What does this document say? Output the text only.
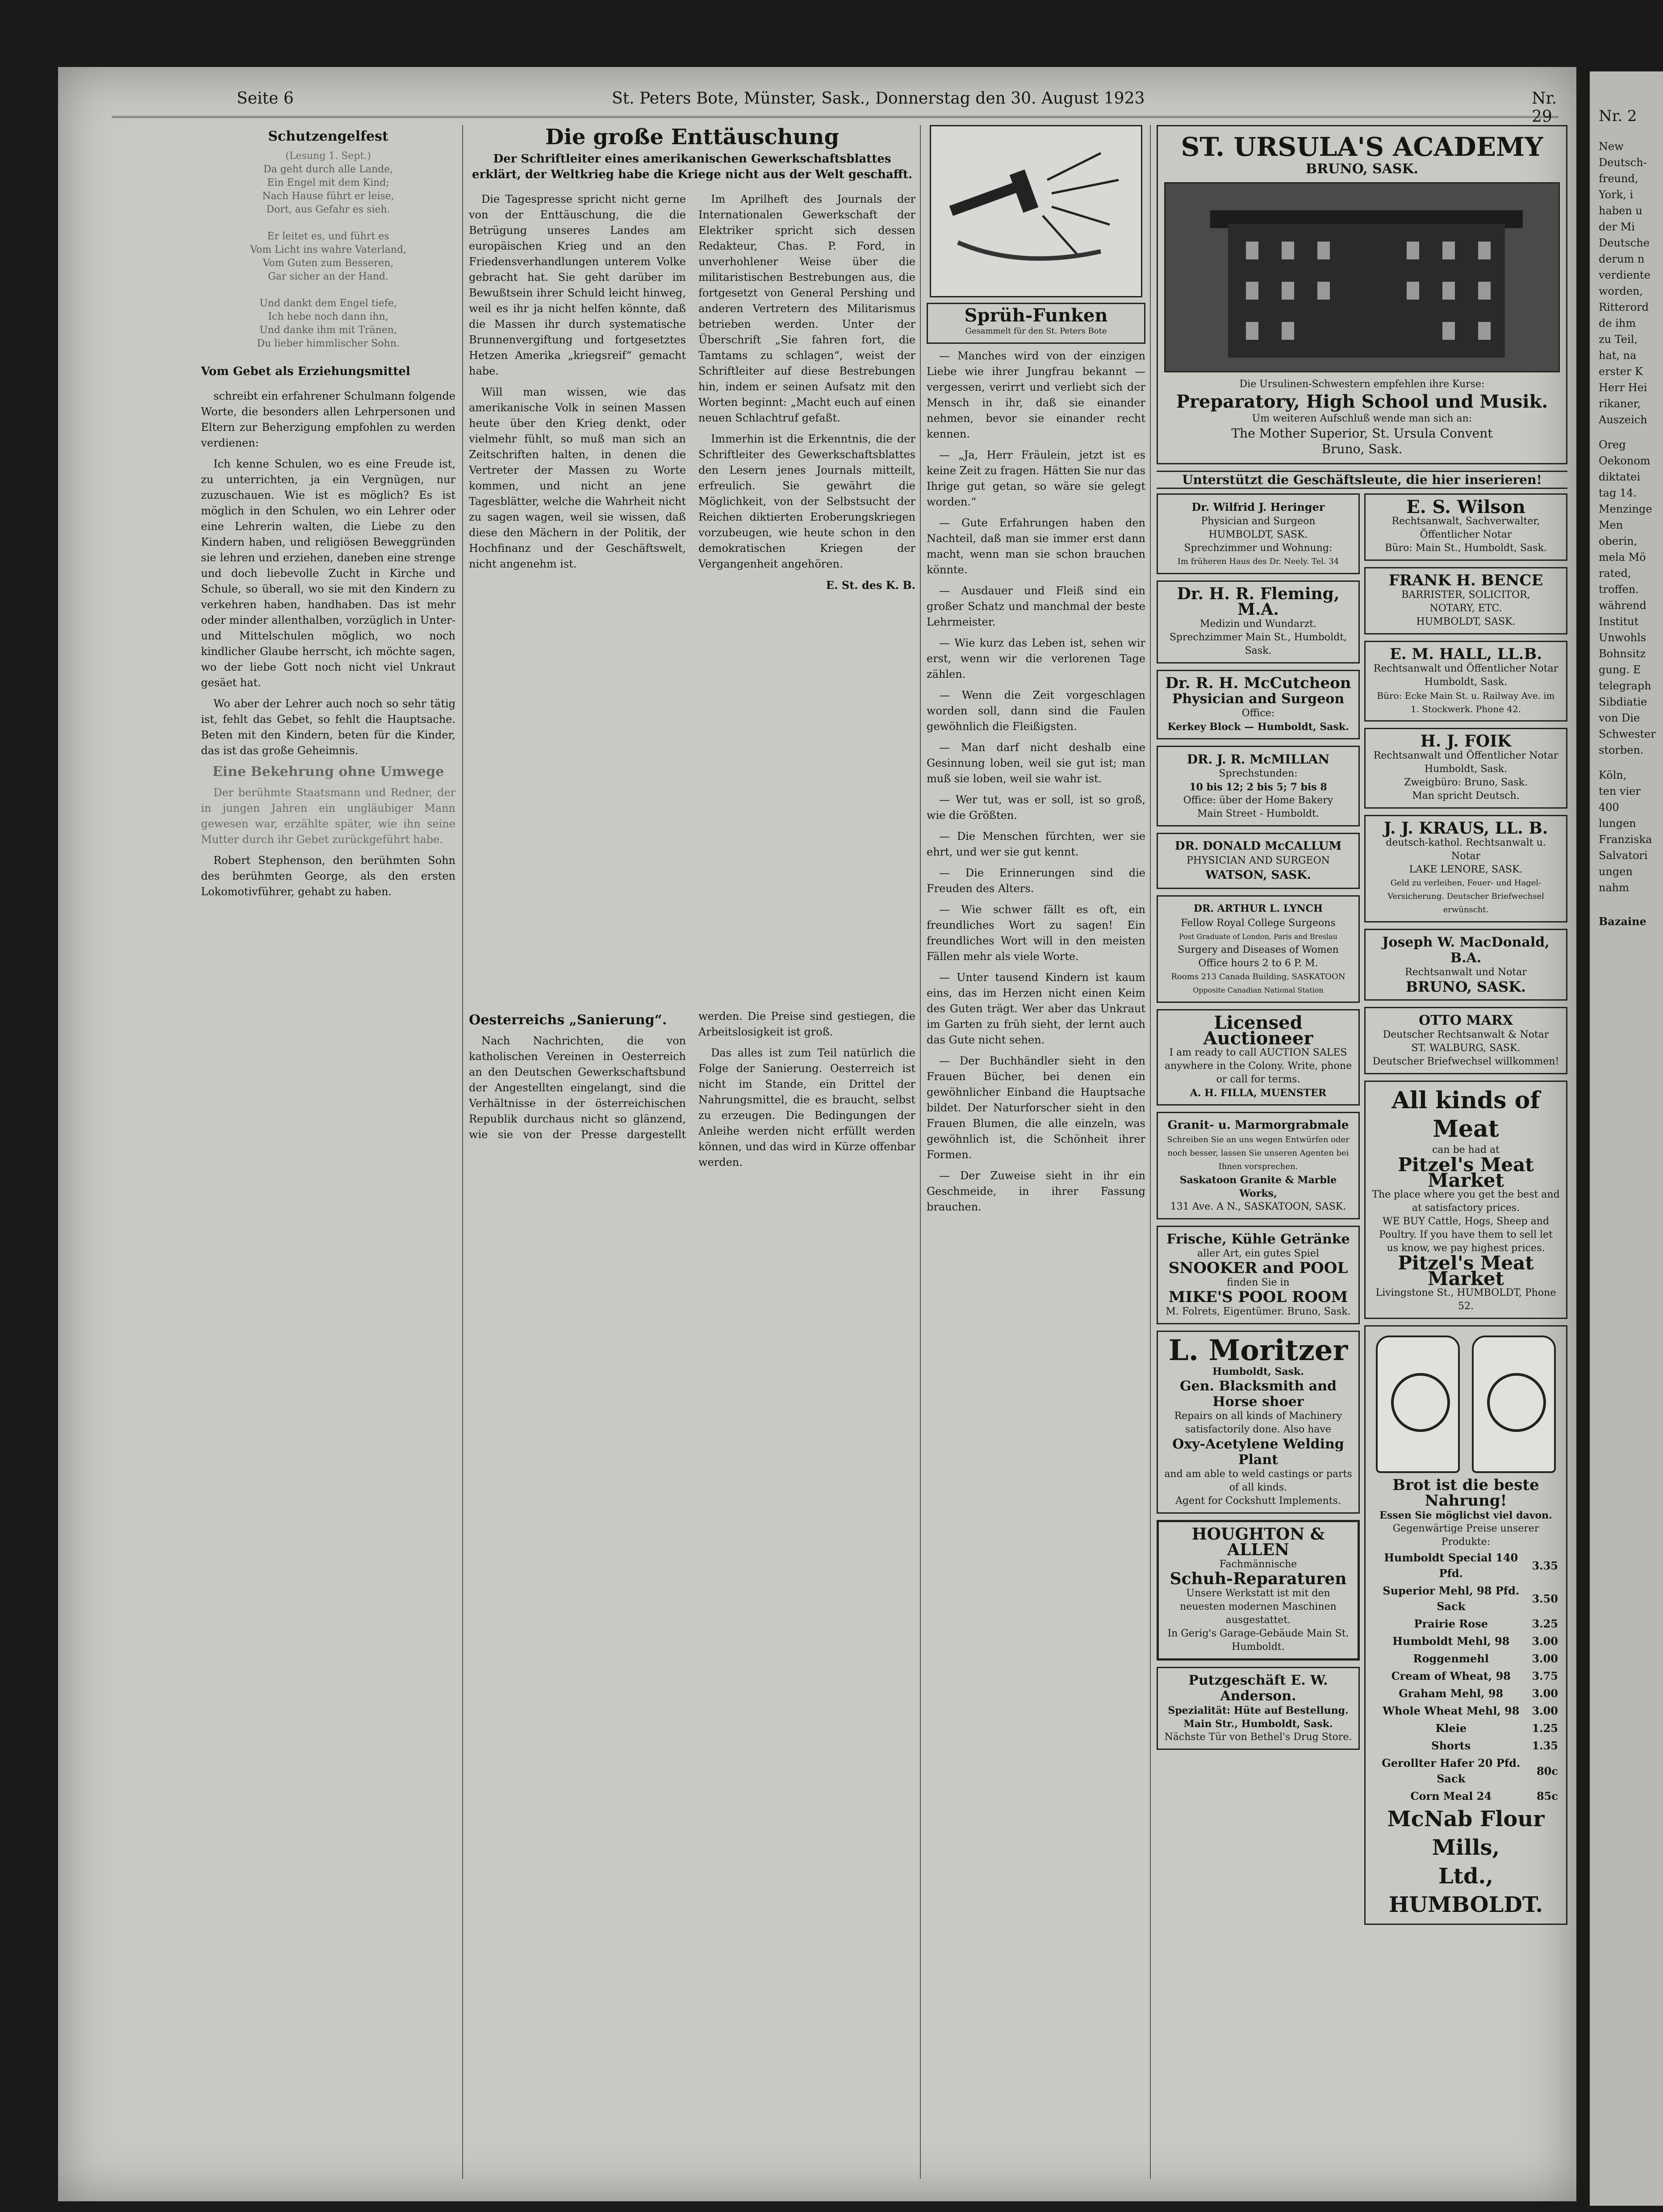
Seite 6	St. Peters Bote, Münster, Sask., Donnerstag den 30. August 1923	Nr. 29
Schutzengelfest
(Lesung 1. Sept.)
Da geht durch alle Lande,
Ein Engel mit dem Kind;
Nach Hause führt er leise,
Dort, aus Gefahr es sieh.

Er leitet es, und führt es
Vom Licht ins wahre Vaterland,
Vom Guten zum Besseren,
Gar sicher an der Hand.

Und dankt dem Engel tiefe,
Ich hebe noch dann ihn,
Und danke ihm mit Tränen,
Du lieber himmlischer Sohn.
Vom Gebet als Erziehungsmittel

schreibt ein erfahrener Schulmann folgende Worte, die besonders allen Lehrpersonen und Eltern zur Beherzigung empfohlen zu werden verdienen:

Ich kenne Schulen, wo es eine Freude ist, zu unterrichten, ja ein Vergnügen, nur zuzuschauen. Wie ist es möglich? Es ist möglich in den Schulen, wo ein Lehrer oder eine Lehrerin walten, die Liebe zu den Kindern haben, und religiösen Beweggründen sie lehren und erziehen, daneben eine strenge und doch liebevolle Zucht in Kirche und Schule, so überall, wo sie mit den Kindern zu verkehren haben, handhaben. Das ist mehr oder minder allenthalben, vorzüglich in Unter- und Mittelschulen möglich, wo noch kindlicher Glaube herrscht, ich möchte sagen, wo der liebe Gott noch nicht viel Unkraut gesäet hat.

Wo aber der Lehrer auch noch so sehr tätig ist, fehlt das Gebet, so fehlt die Hauptsache. Beten mit den Kindern, beten für die Kinder, das ist das große Geheimnis.

Eine Bekehrung ohne Umwege

Der berühmte Staatsmann und Redner, der in jungen Jahren ein ungläubiger Mann gewesen war, erzählte später, wie ihn seine Mutter durch ihr Gebet zurückgeführt habe.

Robert Stephenson, den berühmten Sohn des berühmten George, als den ersten Lokomotivführer, gehabt zu haben.

Die große Enttäuschung
Der Schriftleiter eines amerikanischen Gewerkschaftsblattes erklärt, der Weltkrieg habe die Kriege nicht aus der Welt geschafft.

Die Tagespresse spricht nicht gerne von der Enttäuschung, die die Betrügung unseres Landes am europäischen Krieg und an den Friedensverhandlungen unterem Volke gebracht hat. Sie geht darüber im Bewußtsein ihrer Schuld leicht hinweg, weil es ihr ja nicht helfen könnte, daß die Massen ihr durch systematische Brunnenvergiftung und fortgesetztes Hetzen Amerika „kriegsreif“ gemacht habe.

Will man wissen, wie das amerikanische Volk in seinen Massen heute über den Krieg denkt, oder vielmehr fühlt, so muß man sich an Zeitschriften halten, in denen die Vertreter der Massen zu Worte kommen, und nicht an jene Tagesblätter, welche die Wahrheit nicht zu sagen wagen, weil sie wissen, daß diese den Mächern in der Politik, der Hochfinanz und der Geschäftswelt, nicht angenehm ist.

Im Aprilheft des Journals der Internationalen Gewerkschaft der Elektriker spricht sich dessen Redakteur, Chas. P. Ford, in unverhohlener Weise über die militaristischen Bestrebungen aus, die fortgesetzt von General Pershing und anderen Vertretern des Militarismus betrieben werden. Unter der Überschrift „Sie fahren fort, die Tamtams zu schlagen“, weist der Schriftleiter auf diese Bestrebungen hin, indem er seinen Aufsatz mit den Worten beginnt: „Macht euch auf einen neuen Schlachtruf gefaßt.

Immerhin ist die Erkenntnis, die der Schriftleiter des Gewerkschaftsblattes den Lesern jenes Journals mitteilt, erfreulich. Sie gewährt die Möglichkeit, von der Selbstsucht der Reichen diktierten Eroberungskriegen vorzubeugen, wie heute schon in den demokratischen Kriegen der Vergangenheit angehören.

E. St. des K. B.
Oesterreichs „Sanierung“.

Nach Nachrichten, die von katholischen Vereinen in Oesterreich an den Deutschen Gewerkschaftsbund der Angestellten eingelangt, sind die Verhältnisse in der österreichischen Republik durchaus nicht so glänzend, wie sie von der Presse dargestellt werden. Die Preise sind gestiegen, die Arbeitslosigkeit ist groß.

Das alles ist zum Teil natürlich die Folge der Sanierung. Oesterreich ist nicht im Stande, ein Drittel der Nahrungsmittel, die es braucht, selbst zu erzeugen. Die Bedingungen der Anleihe werden nicht erfüllt werden können, und das wird in Kürze offenbar werden.

Sprüh-Funken
Gesammelt für den St. Peters Bote

— Manches wird von der einzigen Liebe wie ihrer Jungfrau bekannt — vergessen, verirrt und verliebt sich der Mensch in ihr, daß sie einander nehmen, bevor sie einander recht kennen.

— „Ja, Herr Fräulein, jetzt ist es keine Zeit zu fragen. Hätten Sie nur das Ihrige gut getan, so wäre sie gelegt worden.“

— Gute Erfahrungen haben den Nachteil, daß man sie immer erst dann macht, wenn man sie schon brauchen könnte.

— Ausdauer und Fleiß sind ein großer Schatz und manchmal der beste Lehrmeister.

— Wie kurz das Leben ist, sehen wir erst, wenn wir die verlorenen Tage zählen.

— Wenn die Zeit vorgeschlagen worden soll, dann sind die Faulen gewöhnlich die Fleißigsten.

— Man darf nicht deshalb eine Gesinnung loben, weil sie gut ist; man muß sie loben, weil sie wahr ist.

— Wer tut, was er soll, ist so groß, wie die Größten.

— Die Menschen fürchten, wer sie ehrt, und wer sie gut kennt.

— Die Erinnerungen sind die Freuden des Alters.

— Wie schwer fällt es oft, ein freundliches Wort zu sagen! Ein freundliches Wort will in den meisten Fällen mehr als viele Worte.

— Unter tausend Kindern ist kaum eins, das im Herzen nicht einen Keim des Guten trägt. Wer aber das Unkraut im Garten zu früh sieht, der lernt auch das Gute nicht sehen.

— Der Buchhändler sieht in den Frauen Bücher, bei denen ein gewöhnlicher Einband die Hauptsache bildet. Der Naturforscher sieht in den Frauen Blumen, die alle einzeln, was gewöhnlich ist, die Schönheit ihrer Formen.

— Der Zuweise sieht in ihr ein Geschmeide, in ihrer Fassung brauchen.

ST. URSULA'S ACADEMY
BRUNO, SASK.
Die Ursulinen-Schwestern empfehlen ihre Kurse:
Preparatory, High School und Musik.
Um weiteren Aufschluß wende man sich an:
The Mother Superior, St. Ursula Convent
Bruno, Sask.
Unterstützt die Geschäftsleute, die hier inserieren!
Dr. Wilfrid J. Heringer
Physician and Surgeon
HUMBOLDT, SASK.
Sprechzimmer und Wohnung:
Im früheren Haus des Dr. Neely. Tel. 34
Dr. H. R. Fleming, M.A.
Medizin und Wundarzt.
Sprechzimmer Main St., Humboldt, Sask.
Dr. R. H. McCutcheon
Physician and Surgeon
Office:
Kerkey Block — Humboldt, Sask.
DR. J. R. McMILLAN
Sprechstunden:
10 bis 12; 2 bis 5; 7 bis 8
Office: über der Home Bakery
Main Street - Humboldt.
DR. DONALD McCALLUM
PHYSICIAN AND SURGEON
WATSON, SASK.
DR. ARTHUR L. LYNCH
Fellow Royal College Surgeons
Post Graduate of London, Paris and Breslau
Surgery and Diseases of Women
Office hours 2 to 6 P. M.
Rooms 213 Canada Building, SASKATOON
Opposite Canadian National Station
Licensed Auctioneer
I am ready to call AUCTION SALES anywhere in the Colony. Write, phone or call for terms.
A. H. FILLA, MUENSTER
Granit- u. Marmorgrabmale
Schreiben Sie an uns wegen Entwürfen oder noch besser, lassen Sie unseren Agenten bei Ihnen vorsprechen.
Saskatoon Granite & Marble Works,
131 Ave. A N., SASKATOON, SASK.
Frische, Kühle Getränke
aller Art, ein gutes Spiel
SNOOKER and POOL
finden Sie in
MIKE'S POOL ROOM
M. Folrets, Eigentümer. Bruno, Sask.
L. Moritzer
Humboldt, Sask.
Gen. Blacksmith and Horse shoer
Repairs on all kinds of Machinery satisfactorily done. Also have
Oxy-Acetylene Welding Plant
and am able to weld castings or parts of all kinds.
Agent for Cockshutt Implements.
HOUGHTON & ALLEN
Fachmännische
Schuh-Reparaturen
Unsere Werkstatt ist mit den neuesten modernen Maschinen ausgestattet.
In Gerig's Garage-Gebäude Main St. Humboldt.
Putzgeschäft E. W. Anderson.
Spezialität: Hüte auf Bestellung.
Main Str., Humboldt, Sask.
Nächste Tür von Bethel's Drug Store.
E. S. Wilson
Rechtsanwalt, Sachverwalter,
Öffentlicher Notar
Büro: Main St., Humboldt, Sask.
FRANK H. BENCE
BARRISTER, SOLICITOR,
NOTARY, ETC.
HUMBOLDT, SASK.
E. M. HALL, LL.B.
Rechtsanwalt und Öffentlicher Notar
Humboldt, Sask.
Büro: Ecke Main St. u. Railway Ave. im 1. Stockwerk. Phone 42.
H. J. FOIK
Rechtsanwalt und Öffentlicher Notar
Humboldt, Sask.
Zweigbüro: Bruno, Sask.
Man spricht Deutsch.
J. J. KRAUS, LL. B.
deutsch-kathol. Rechtsanwalt u. Notar
LAKE LENORE, SASK.
Geld zu verleihen, Feuer- und Hagel-Versicherung. Deutscher Briefwechsel erwünscht.
Joseph W. MacDonald, B.A.
Rechtsanwalt und Notar
BRUNO, SASK.
OTTO MARX
Deutscher Rechtsanwalt & Notar
ST. WALBURG, SASK.
Deutscher Briefwechsel willkommen!
All kinds of Meat
can be had at
Pitzel's Meat Market
The place where you get the best and at satisfactory prices.
WE BUY Cattle, Hogs, Sheep and Poultry. If you have them to sell let us know, we pay highest prices.
Pitzel's Meat Market
Livingstone St., HUMBOLDT, Phone 52.
Brot ist die beste Nahrung!
Essen Sie möglichst viel davon.
Gegenwärtige Preise unserer Produkte:
Humboldt Special 140 Pfd.	3.35
Superior Mehl, 98 Pfd. Sack	3.50
Prairie Rose	3.25
Humboldt Mehl, 98	3.00
Roggenmehl	3.00
Cream of Wheat, 98	3.75
Graham Mehl, 98	3.00
Whole Wheat Mehl, 98	3.00
Kleie	1.25
Shorts	1.35
Gerollter Hafer 20 Pfd. Sack	80c
Corn Meal 24	85c
McNab Flour Mills,
Ltd., HUMBOLDT.
Nr. 2
New
Deutsch-
freund,
York, i
haben u
der Mi
Deutsche
derum n
verdiente
worden,
Ritterord
de ihm
zu Teil,
hat, na
erster K
Herr Hei
rikaner,
Auszeich
Oreg
Oekonom
diktatei
tag 14.
Menzinge
Men
oberin,
mela Mö
rated,
troffen.
während
Institut
Unwohls
Bohnsitz
gung. E
telegraph
Sibdiatie
von Die
Schwester
storben.
Köln,
ten vier
400
lungen
Franziska
Salvatori
ungen
nahm
Bazaine
